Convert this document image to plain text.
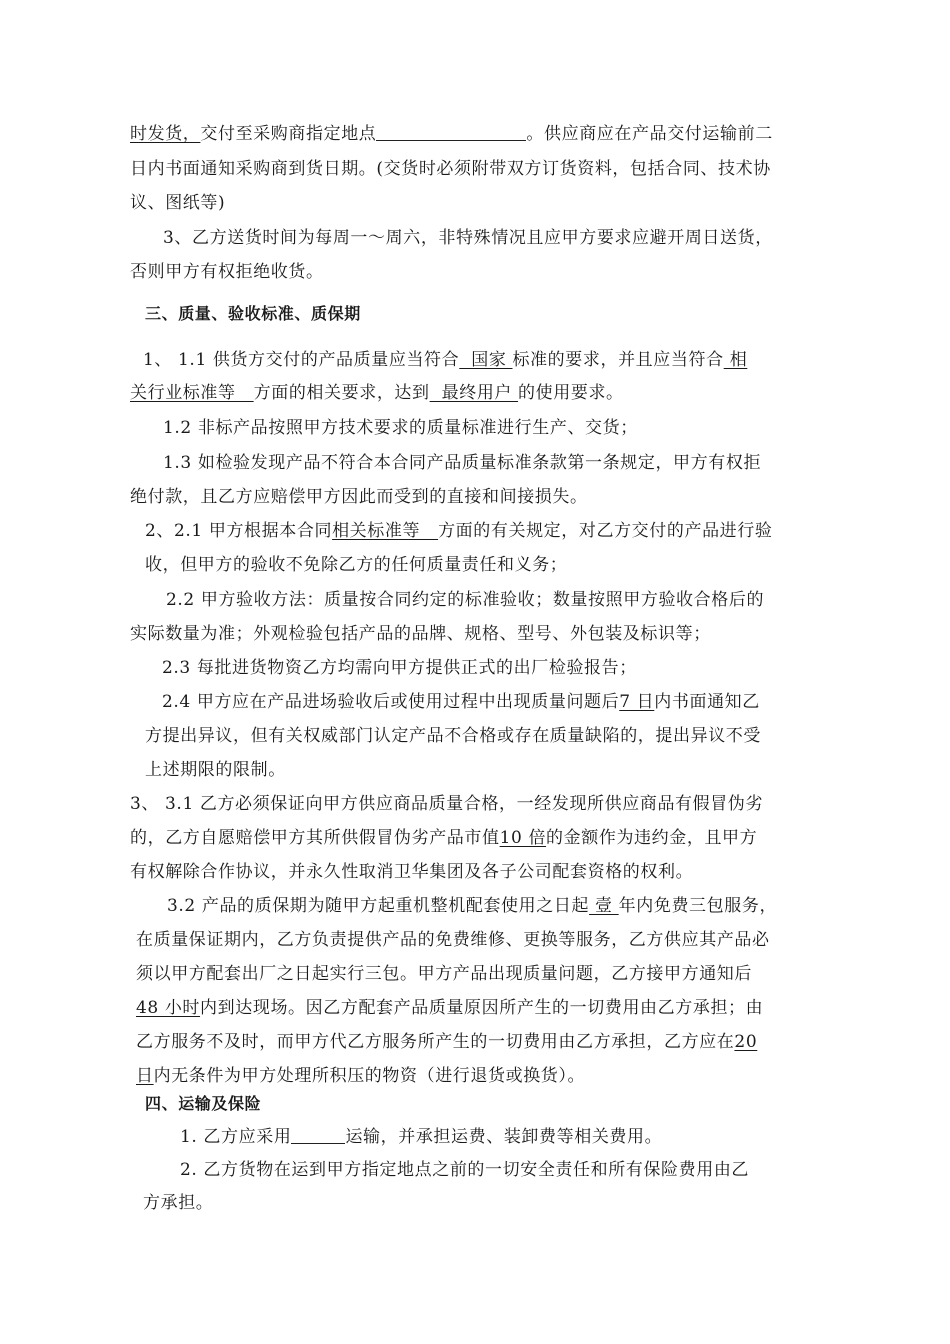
时发货，交付至采购商指定地点	。供应商应在产品交付运输前二
日内书面通知采购商到货日期。(交货时必须附带双方订货资料，包括合同、技术协
议、图纸等)
3、乙方送货时间为每周一～周六，非特殊情况且应甲方要求应避开周日送货，
否则甲方有权拒绝收货。
三、质量、验收标准、质保期
1、 1.1 供货方交付的产品质量应当符合  国家 标准的要求，并且应当符合 相
关行业标准等   方面的相关要求，达到  最终用户 的使用要求。
1.2 非标产品按照甲方技术要求的质量标准进行生产、交货；
1.3 如检验发现产品不符合本合同产品质量标准条款第一条规定，甲方有权拒
绝付款，且乙方应赔偿甲方因此而受到的直接和间接损失。
2、2.1 甲方根据本合同相关标准等   方面的有关规定，对乙方交付的产品进行验
收，但甲方的验收不免除乙方的任何质量责任和义务；
2.2 甲方验收方法：质量按合同约定的标准验收；数量按照甲方验收合格后的
实际数量为准；外观检验包括产品的品牌、规格、型号、外包装及标识等；
2.3 每批进货物资乙方均需向甲方提供正式的出厂检验报告；
2.4 甲方应在产品进场验收后或使用过程中出现质量问题后7 日内书面通知乙
方提出异议，但有关权威部门认定产品不合格或存在质量缺陷的，提出异议不受
上述期限的限制。
3、 3.1 乙方必须保证向甲方供应商品质量合格，一经发现所供应商品有假冒伪劣
的，乙方自愿赔偿甲方其所供假冒伪劣产品市值10 倍的金额作为违约金，且甲方
有权解除合作协议，并永久性取消卫华集团及各子公司配套资格的权利。
3.2 产品的质保期为随甲方起重机整机配套使用之日起 壹 年内免费三包服务，
在质量保证期内，乙方负责提供产品的免费维修、更换等服务，乙方供应其产品必
须以甲方配套出厂之日起实行三包。甲方产品出现质量问题，乙方接甲方通知后
48 小时内到达现场。因乙方配套产品质量原因所产生的一切费用由乙方承担；由
乙方服务不及时，而甲方代乙方服务所产生的一切费用由乙方承担，乙方应在20
日内无条件为甲方处理所积压的物资（进行退货或换货）。
四、运输及保险
1. 乙方应采用	运输，并承担运费、装卸费等相关费用。
2. 乙方货物在运到甲方指定地点之前的一切安全责任和所有保险费用由乙
方承担。
